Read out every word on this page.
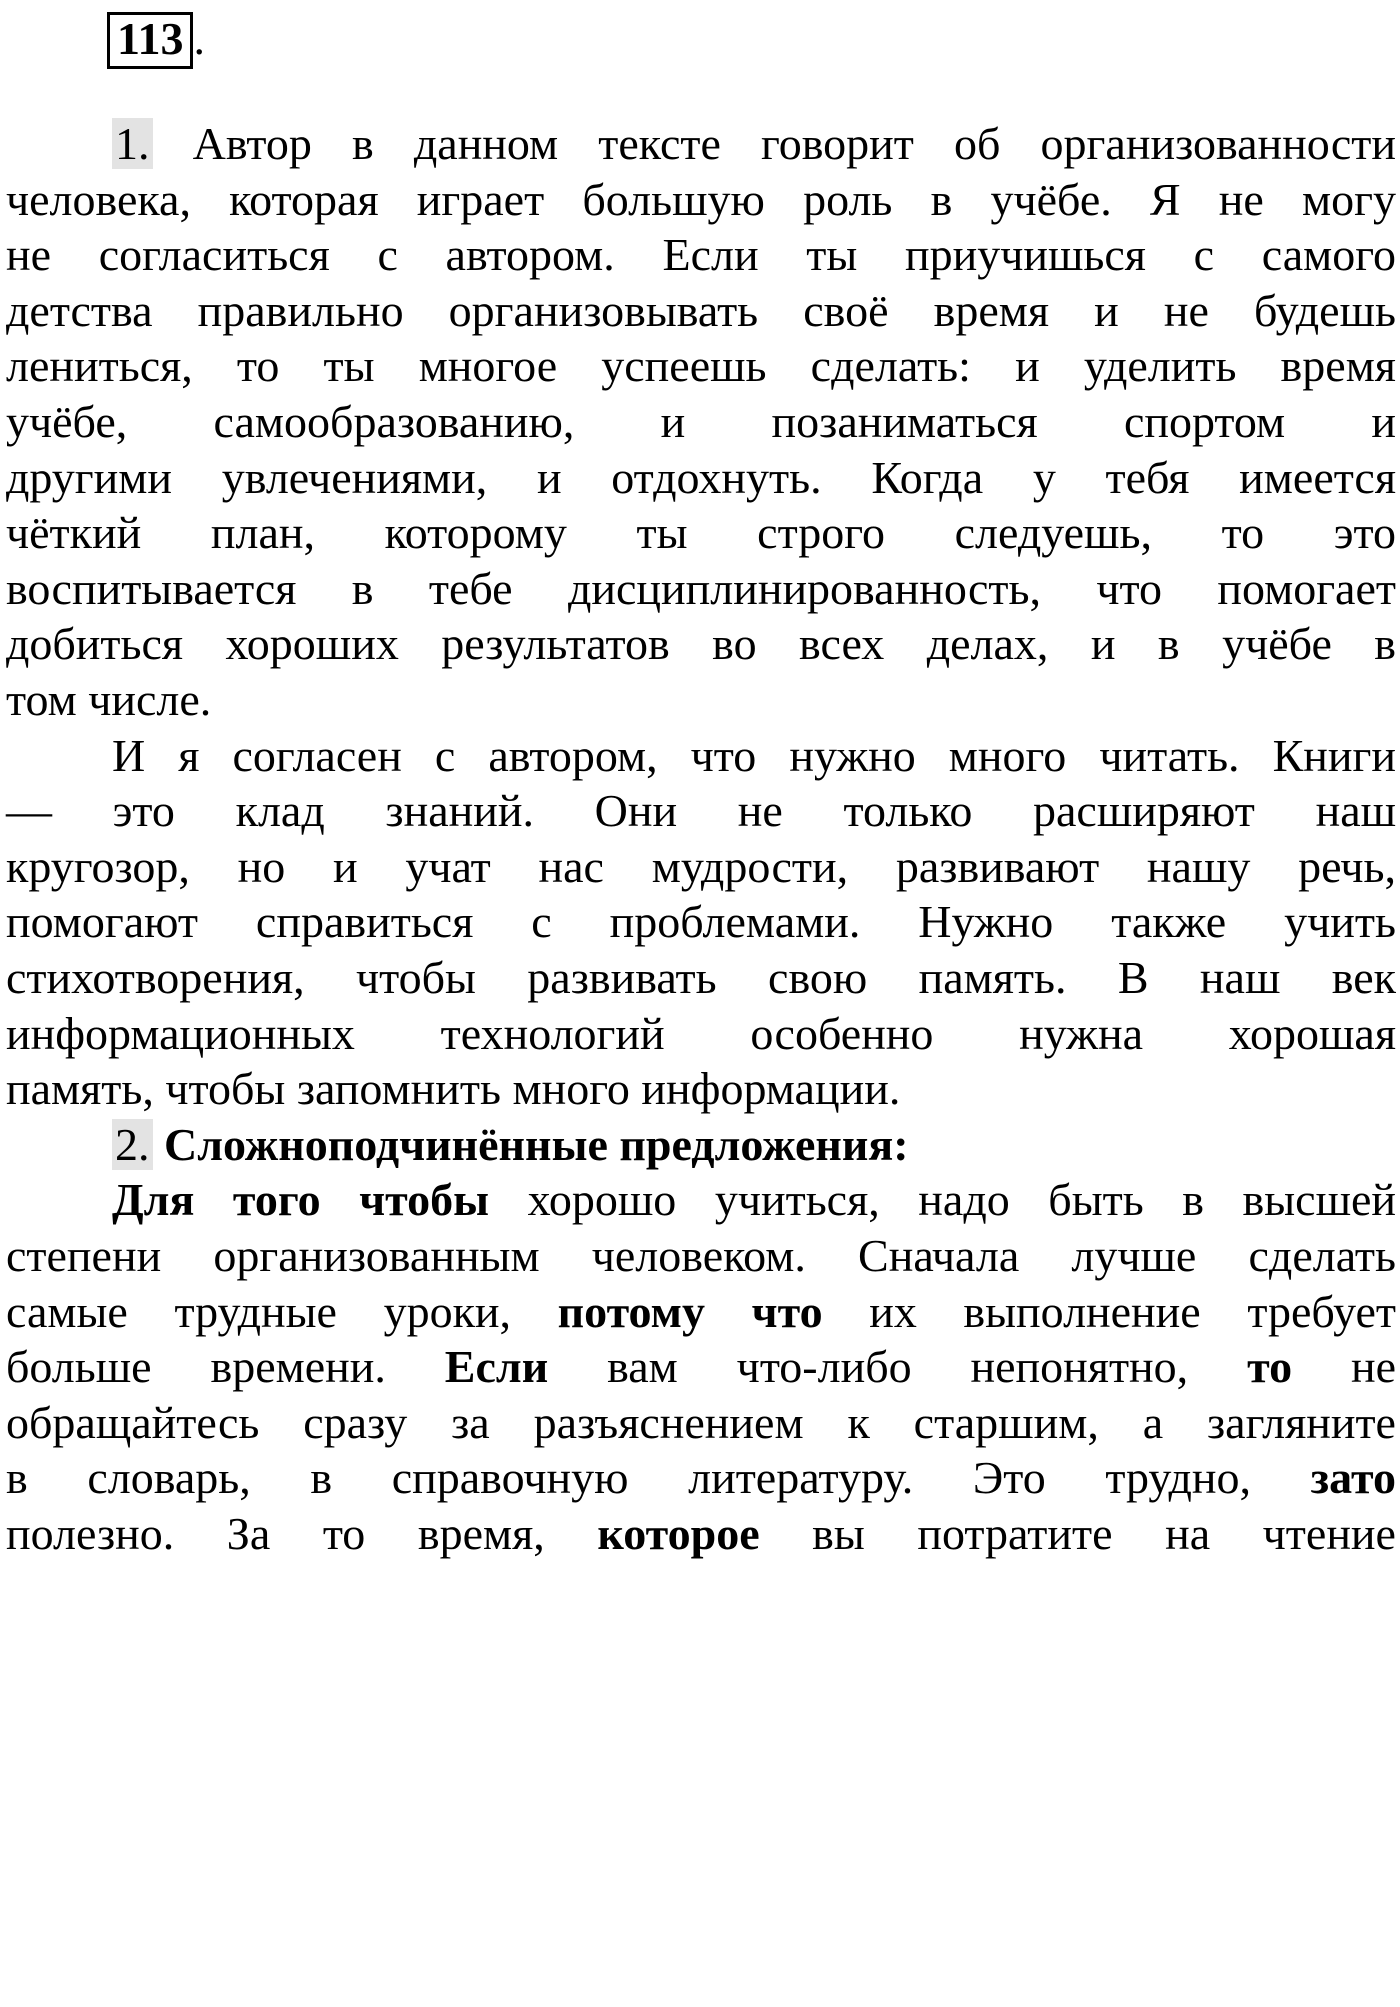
113 .
1. Автор в данном тексте говорит об организованности
человека, которая играет большую роль в учёбе. Я не могу
не согласиться с автором. Если ты приучишься с самого
детства правильно организовывать своё время и не будешь
лениться, то ты многое успеешь сделать: и уделить время
учёбе, самообразованию, и позаниматься спортом и
другими увлечениями, и отдохнуть. Когда у тебя имеется
чёткий план, которому ты строго следуешь, то это
воспитывается в тебе дисциплинированность, что помогает
добиться хороших результатов во всех делах, и в учёбе в
том числе.
И я согласен с автором, что нужно много читать. Книги
— это клад знаний. Они не только расширяют наш
кругозор, но и учат нас мудрости, развивают нашу речь,
помогают справиться с проблемами. Нужно также учить
стихотворения, чтобы развивать свою память. В наш век
информационных технологий особенно нужна хорошая
память, чтобы запомнить много информации.
2. Сложноподчинённые предложения:
Для того чтобы хорошо учиться, надо быть в высшей
степени организованным человеком. Сначала лучше сделать
самые трудные уроки, потому что их выполнение требует
больше времени. Если вам что-либо непонятно, то не
обращайтесь сразу за разъяснением к старшим, а загляните
в словарь, в справочную литературу. Это трудно, зато
полезно. За то время, которое вы потратите на чтение
